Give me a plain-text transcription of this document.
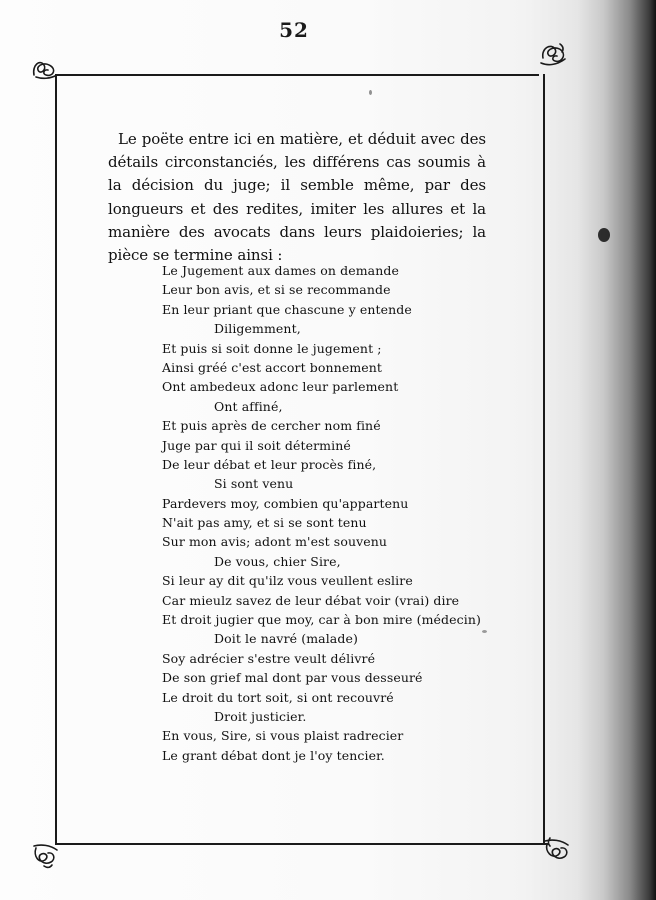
52
Le poëte entre ici en matière, et déduit avec des détails circonstanciés, les différens cas soumis à la décision du juge; il semble même, par des longueurs et des redites, imiter les allures et la manière des avocats dans leurs plaidoieries; la pièce se termine ainsi :
Le Jugement aux dames on demande
Leur bon avis, et si se recommande
En leur priant que chascune y entende
Diligemment,
Et puis si soit donne le jugement ;
Ainsi gréé c'est accort bonnement
Ont ambedeux adonc leur parlement
Ont affiné,
Et puis après de cercher nom finé
Juge par qui il soit déterminé
De leur débat et leur procès finé,
Si sont venu
Pardevers moy, combien qu'appartenu
N'ait pas amy, et si se sont tenu
Sur mon avis; adont m'est souvenu
De vous, chier Sire,
Si leur ay dit qu'ilz vous veullent eslire
Car mieulz savez de leur débat voir (vrai) dire
Et droit jugier que moy, car à bon mire (médecin)
Doit le navré (malade)
Soy adrécier s'estre veult délivré
De son grief mal dont par vous desseuré
Le droit du tort soit, si ont recouvré
Droit justicier.
En vous, Sire, si vous plaist radrecier
Le grant débat dont je l'oy tencier.
